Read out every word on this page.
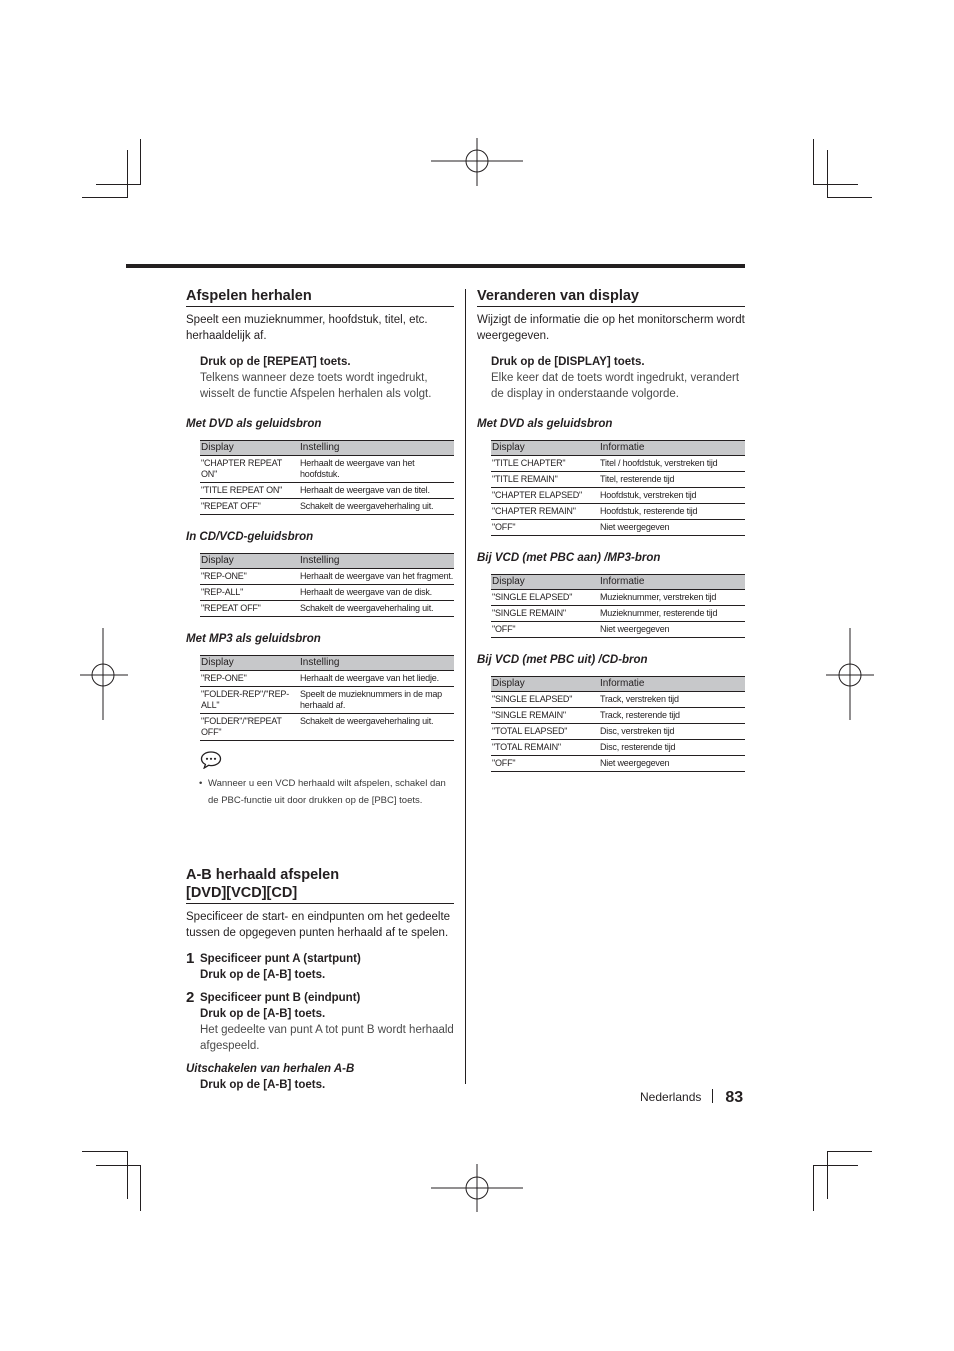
Afspelen herhalen

Speelt een muzieknummer, hoofdstuk, titel, etc. herhaaldelijk af.

Druk op de [REPEAT] toets.

Telkens wanneer deze toets wordt ingedrukt, wisselt de functie Afspelen herhalen als volgt.

Met DVD als geluidsbron
Display	Instelling
"CHAPTER REPEAT ON"	Herhaalt de weergave van het hoofdstuk.
"TITLE REPEAT ON"	Herhaalt de weergave van de titel.
"REPEAT OFF"	Schakelt de weergaveherhaling uit.
In CD/VCD-geluidsbron
Display	Instelling
"REP-ONE"	Herhaalt de weergave van het fragment.
"REP-ALL"	Herhaalt de weergave van de disk.
"REPEAT OFF"	Schakelt de weergaveherhaling uit.
Met MP3 als geluidsbron
Display	Instelling
"REP-ONE"	Herhaalt de weergave van het liedje.
"FOLDER-REP"/"REP-ALL"	Speelt de muzieknummers in de map herhaald af.
"FOLDER"/"REPEAT OFF"	Schakelt de weergaveherhaling uit.

• Wanneer u een VCD herhaald wilt afspelen, schakel dan de PBC-functie uit door drukken op de [PBC] toets.

A-B herhaald afspelen
[DVD][VCD][CD]

Specificeer de start- en eindpunten om het gedeelte tussen de opgegeven punten herhaald af te spelen.

1 Specificeer punt A (startpunt)

Druk op de [A-B] toets.

2 Specificeer punt B (eindpunt)

Druk op de [A-B] toets.

Het gedeelte van punt A tot punt B wordt herhaald afgespeeld.

Uitschakelen van herhalen A-B

Druk op de [A-B] toets.

Veranderen van display

Wijzigt de informatie die op het monitorscherm wordt weergegeven.

Druk op de [DISPLAY] toets.

Elke keer dat de toets wordt ingedrukt, verandert de display in onderstaande volgorde.

Met DVD als geluidsbron
Display	Informatie
"TITLE CHAPTER"	Titel / hoofdstuk, verstreken tijd
"TITLE REMAIN"	Titel, resterende tijd
"CHAPTER ELAPSED"	Hoofdstuk, verstreken tijd
"CHAPTER REMAIN"	Hoofdstuk, resterende tijd
"OFF"	Niet weergegeven
Bij VCD (met PBC aan) /MP3-bron
Display	Informatie
"SINGLE ELAPSED"	Muzieknummer, verstreken tijd
"SINGLE REMAIN"	Muzieknummer, resterende tijd
"OFF"	Niet weergegeven
Bij VCD (met PBC uit) /CD-bron
Display	Informatie
"SINGLE ELAPSED"	Track, verstreken tijd
"SINGLE REMAIN"	Track, resterende tijd
"TOTAL ELAPSED"	Disc, verstreken tijd
"TOTAL REMAIN"	Disc, resterende tijd
"OFF"	Niet weergegeven
Nederlands 83
